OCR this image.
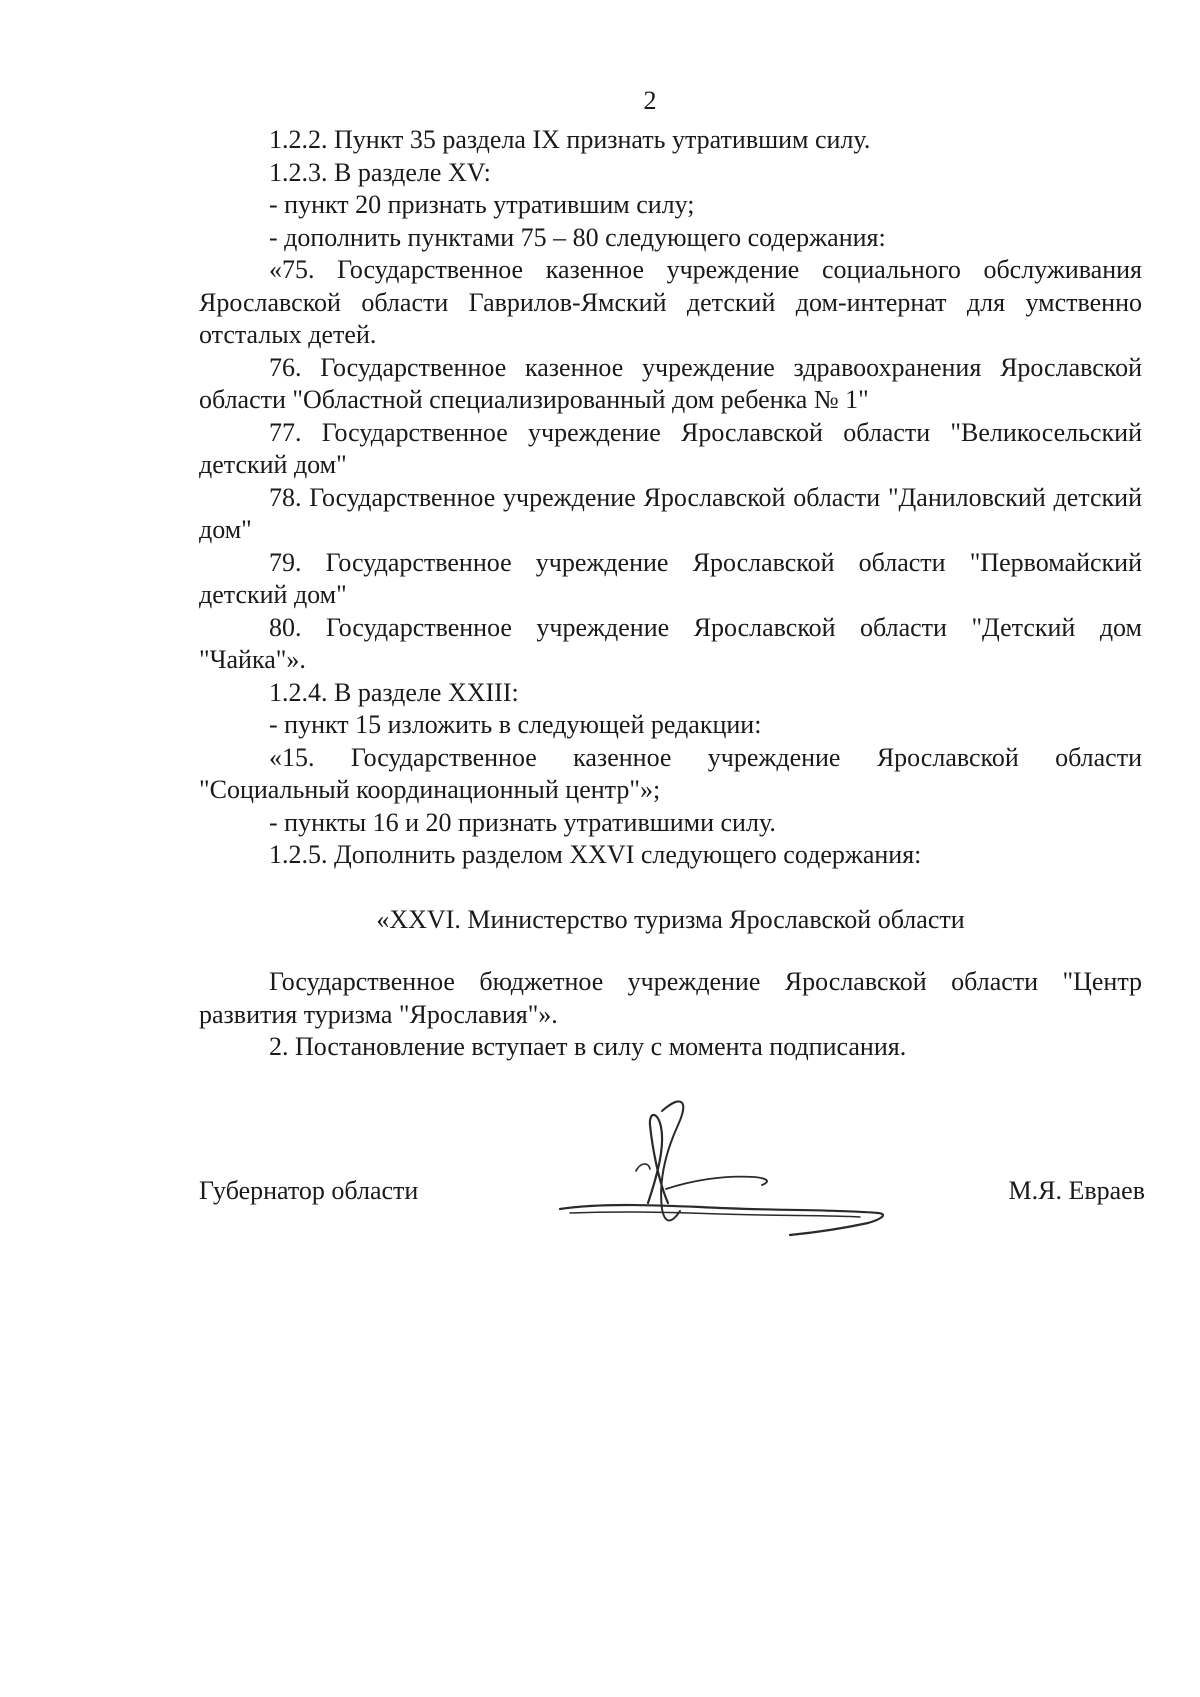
2

1.2.2. Пункт 35 раздела IX признать утратившим силу.

1.2.3. В разделе XV:

- пункт 20 признать утратившим силу;

- дополнить пунктами 75 – 80 следующего содержания:

«75. Государственное казенное учреждение социального обслуживания Ярославской области Гаврилов-Ямский детский дом-интернат для умственно отсталых детей.

76. Государственное казенное учреждение здравоохранения Ярославской области "Областной специализированный дом ребенка № 1"

77. Государственное учреждение Ярославской области "Великосельский детский дом"

78. Государственное учреждение Ярославской области "Даниловский детский дом"

79. Государственное учреждение Ярославской области "Первомайский детский дом"

80. Государственное учреждение Ярославской области "Детский дом "Чайка"».

1.2.4. В разделе XXIII:

- пункт 15 изложить в следующей редакции:

«15. Государственное казенное учреждение Ярославской области "Социальный координационный центр"»;

- пункты 16 и 20 признать утратившими силу.

1.2.5. Дополнить разделом XXVI следующего содержания:

«XXVI. Министерство туризма Ярославской области

Государственное бюджетное учреждение Ярославской области "Центр развития туризма "Ярославия"».

2. Постановление вступает в силу с момента подписания.

Губернатор области	М.Я. Евраев
